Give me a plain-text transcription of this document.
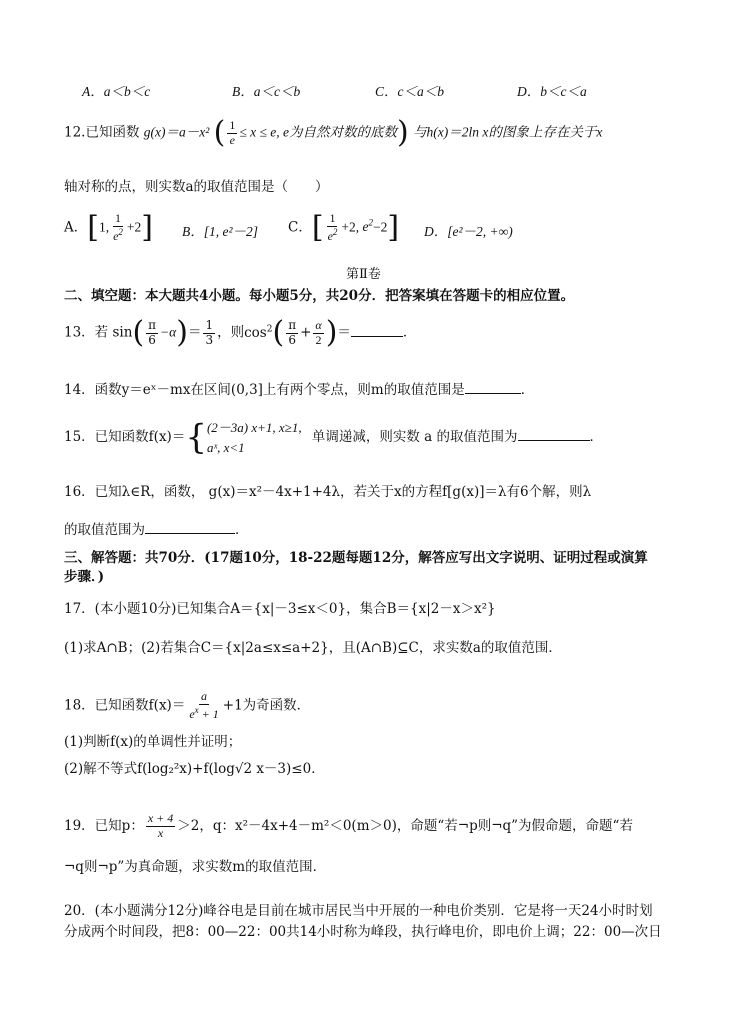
A．a＜b＜c	B．a＜c＜b	C．c＜a＜b	D．b＜c＜a
12.已知函数 g(x)＝a－x² ( $\frac{1}{e} \le x \le e$, e为自然对数的底数) 与h(x)＝2ln x的图象上存在关于x
轴对称的点，则实数a的取值范围是（　　）
A．[1, $\frac{1}{e^2} +2$] B．[1, e²－2] C．[ $\frac{1}{e^2} +2$, $e^2-2$] D．[e²－2, +∞)
第Ⅱ卷
二、填空题：本大题共4小题。每小题5分，共20分．把答案填在答题卡的相应位置。
13．若 $\sin( \frac{\pi}{6} -\alpha)= \frac{1}{3}$ ，则$\cos^2( \frac{\pi}{6} + \frac{\alpha}{2}$ )＝	．
14．函数y＝eˣ－mx在区间(0,3]上有两个零点，则m的取值范围是	．
15．已知函数f(x)＝{ (2－3a) x+1, x≥1,
aˣ, x<1
单调递减，则实数 a 的取值范围为	．
16．已知λ∈R，函数， g(x)＝x²－4x+1+4λ，若关于x的方程f[g(x)]＝λ有6个解，则λ
的取值范围为	．
三、解答题：共70分．(17题10分，18-22题每题12分，解答应写出文字说明、证明过程或演算
步骤．)
17．(本小题10分)已知集合A＝{x|－3≤x＜0}，集合B＝{x|2－x＞x²}
(1)求A∩B；(2)若集合C＝{x|2a≤x≤a+2}，且(A∩B)⊆C，求实数a的取值范围．
18．已知函数$f(x)= \frac{a}{e^x + 1} +1$为奇函数．
(1)判断f(x)的单调性并证明；
(2)解不等式f(log₂²x)+f(log√2 x－3)≤0．
19．已知p： $\frac{x + 4}{x} >2$，q：x²－4x+4－m²＜0(m＞0)，命题“若¬p则¬q”为假命题，命题“若
¬q则¬p”为真命题，求实数m的取值范围．
20．(本小题满分12分)峰谷电是目前在城市居民当中开展的一种电价类别．它是将一天24小时时划
分成两个时间段，把8：00—22：00共14小时称为峰段，执行峰电价，即电价上调；22：00—次日
